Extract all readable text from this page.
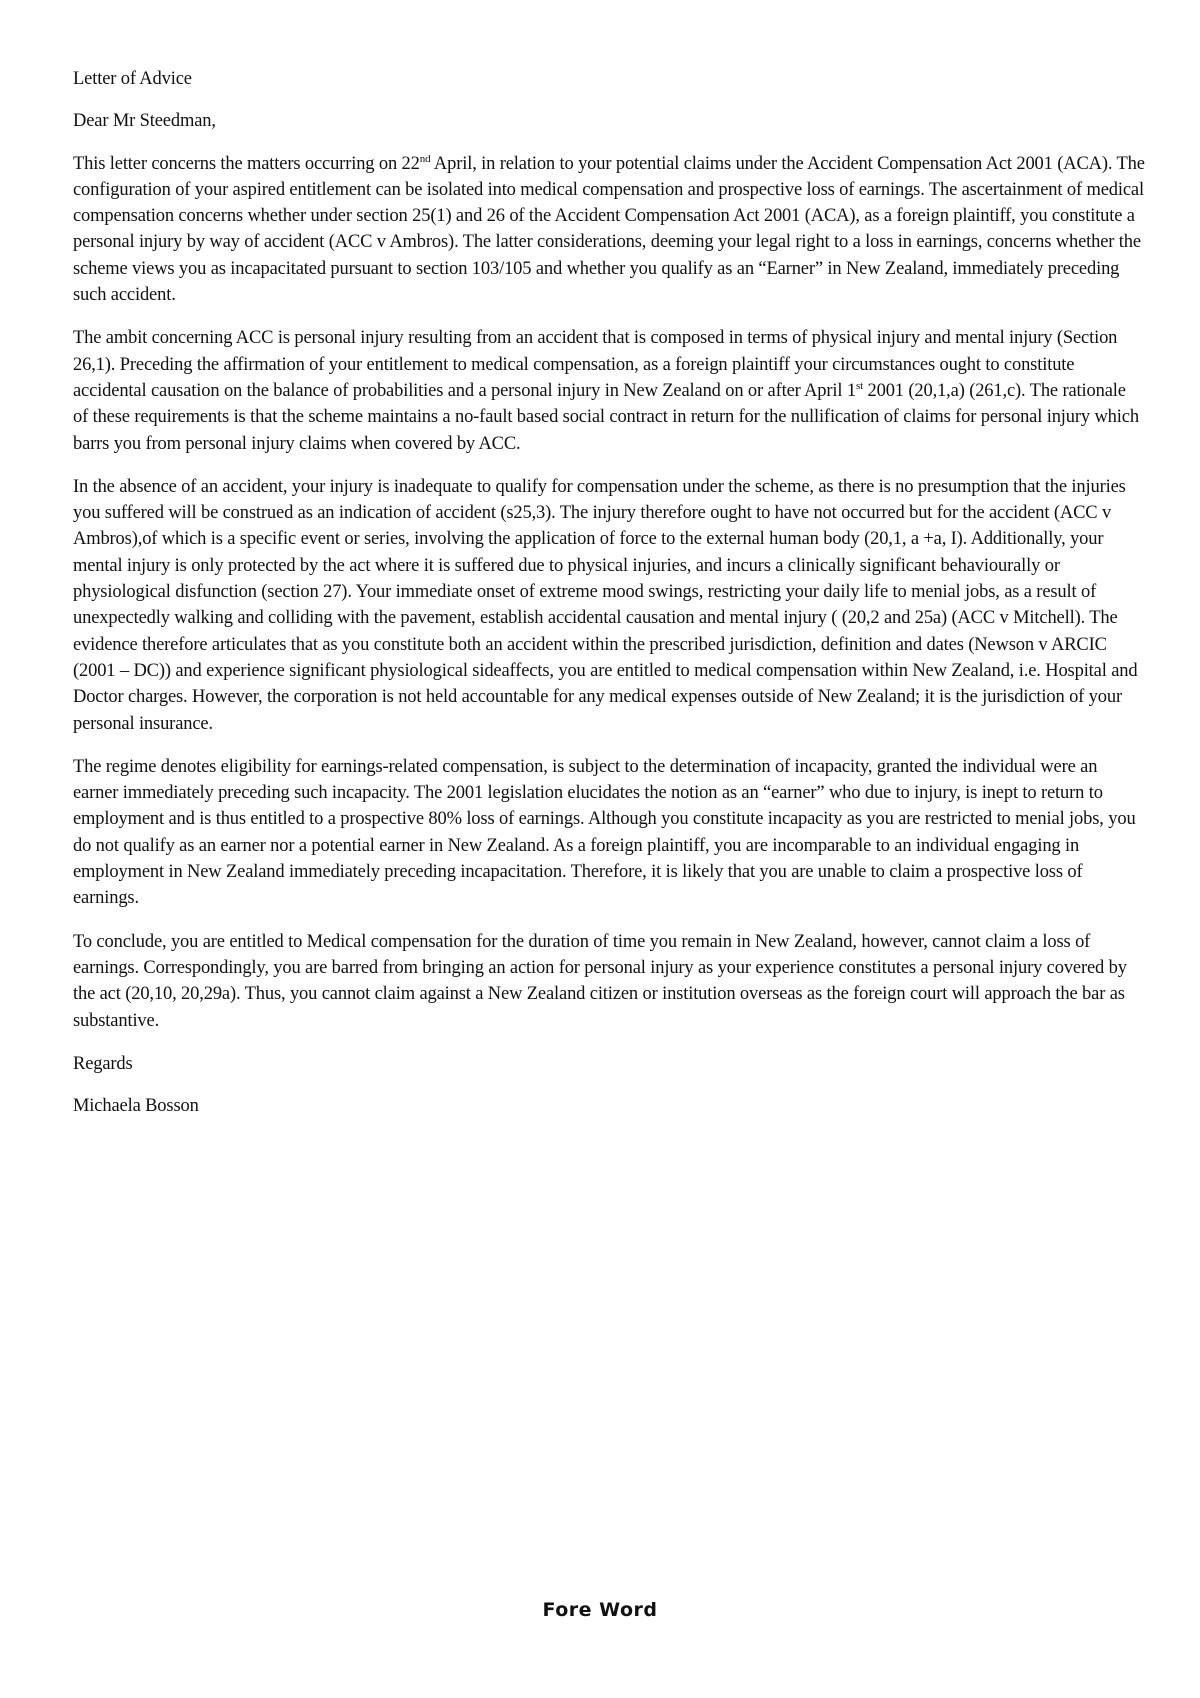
Letter of Advice

Dear Mr Steedman,

This letter concerns the matters occurring on 22nd April, in relation to your potential claims under the Accident Compensation Act 2001 (ACA). The configuration of your aspired entitlement can be isolated into medical compensation and prospective loss of earnings. The ascertainment of medical compensation concerns whether under section 25(1) and 26 of the Accident Compensation Act 2001 (ACA), as a foreign plaintiff, you constitute a personal injury by way of accident (ACC v Ambros). The latter considerations, deeming your legal right to a loss in earnings, concerns whether the scheme views you as incapacitated pursuant to section 103/105 and whether you qualify as an “Earner” in New Zealand, immediately preceding such accident.

The ambit concerning ACC is personal injury resulting from an accident that is composed in terms of physical injury and mental injury (Section 26,1). Preceding the affirmation of your entitlement to medical compensation, as a foreign plaintiff your circumstances ought to constitute accidental causation on the balance of probabilities and a personal injury in New Zealand on or after April 1st 2001 (20,1,a) (261,c). The rationale of these requirements is that the scheme maintains a no-fault based social contract in return for the nullification of claims for personal injury which barrs you from personal injury claims when covered by ACC.

In the absence of an accident, your injury is inadequate to qualify for compensation under the scheme, as there is no presumption that the injuries you suffered will be construed as an indication of accident (s25,3). The injury therefore ought to have not occurred but for the accident (ACC v Ambros),of which is a specific event or series, involving the application of force to the external human body (20,1, a +a, I). Additionally, your mental injury is only protected by the act where it is suffered due to physical injuries, and incurs a clinically significant behaviourally or physiological disfunction (section 27). Your immediate onset of extreme mood swings, restricting your daily life to menial jobs, as a result of unexpectedly walking and colliding with the pavement, establish accidental causation and mental injury ( (20,2 and 25a) (ACC v Mitchell). The evidence therefore articulates that as you constitute both an accident within the prescribed jurisdiction, definition and dates (Newson v ARCIC (2001 – DC)) and experience significant physiological sideaffects, you are entitled to medical compensation within New Zealand, i.e. Hospital and Doctor charges. However, the corporation is not held accountable for any medical expenses outside of New Zealand; it is the jurisdiction of your personal insurance.

The regime denotes eligibility for earnings-related compensation, is subject to the determination of incapacity, granted the individual were an earner immediately preceding such incapacity. The 2001 legislation elucidates the notion as an “earner” who due to injury, is inept to return to employment and is thus entitled to a prospective 80% loss of earnings. Although you constitute incapacity as you are restricted to menial jobs, you do not qualify as an earner nor a potential earner in New Zealand. As a foreign plaintiff, you are incomparable to an individual engaging in employment in New Zealand immediately preceding incapacitation. Therefore, it is likely that you are unable to claim a prospective loss of earnings.

To conclude, you are entitled to Medical compensation for the duration of time you remain in New Zealand, however, cannot claim a loss of earnings. Correspondingly, you are barred from bringing an action for personal injury as your experience constitutes a personal injury covered by the act (20,10, 20,29a). Thus, you cannot claim against a New Zealand citizen or institution overseas as the foreign court will approach the bar as substantive.

Regards

Michaela Bosson

Fore Word
